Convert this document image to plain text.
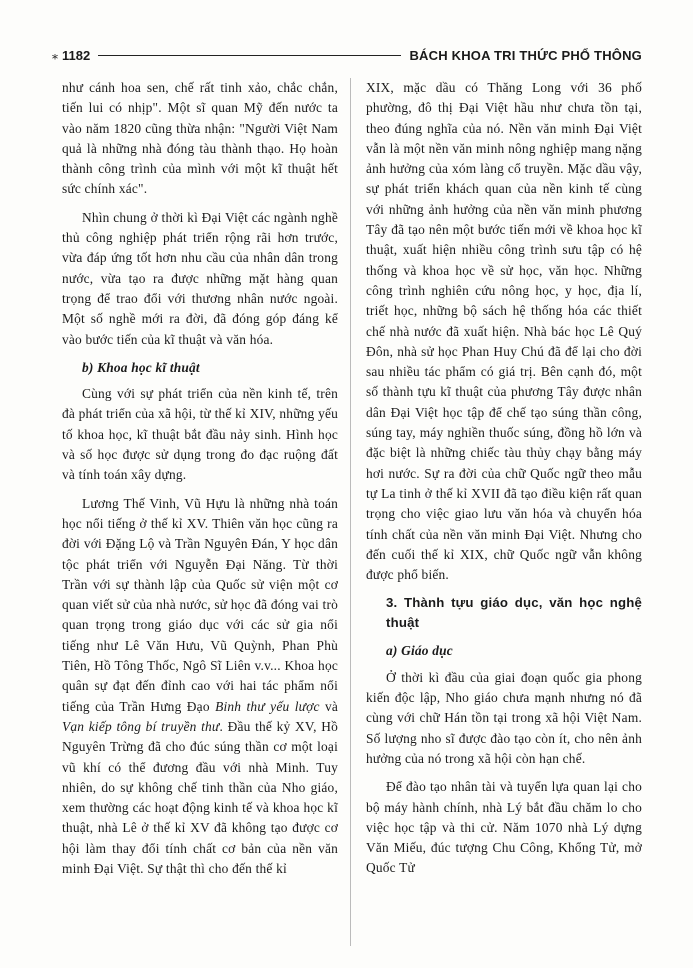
⁎ 1182	BÁCH KHOA TRI THỨC PHỔ THÔNG

như cánh hoa sen, chế rất tinh xảo, chắc chắn, tiến lui có nhịp". Một sĩ quan Mỹ đến nước ta vào năm 1820 cũng thừa nhận: "Người Việt Nam quả là những nhà đóng tàu thành thạo. Họ hoàn thành công trình của mình với một kĩ thuật hết sức chính xác".

Nhìn chung ở thời kì Đại Việt các ngành nghề thủ công nghiệp phát triển rộng rãi hơn trước, vừa đáp ứng tốt hơn nhu cầu của nhân dân trong nước, vừa tạo ra được những mặt hàng quan trọng để trao đổi với thương nhân nước ngoài. Một số nghề mới ra đời, đã đóng góp đáng kể vào bước tiến của kĩ thuật và văn hóa.

b) Khoa học kĩ thuật

Cùng với sự phát triển của nền kinh tế, trên đà phát triển của xã hội, từ thế kỉ XIV, những yếu tố khoa học, kĩ thuật bắt đầu nảy sinh. Hình học và số học được sử dụng trong đo đạc ruộng đất và tính toán xây dựng.

Lương Thế Vinh, Vũ Hựu là những nhà toán học nổi tiếng ở thế kỉ XV. Thiên văn học cũng ra đời với Đặng Lộ và Trần Nguyên Đán, Y học dân tộc phát triển với Nguyễn Đại Năng. Từ thời Trần với sự thành lập của Quốc sử viện một cơ quan viết sử của nhà nước, sử học đã đóng vai trò quan trọng trong giáo dục với các sử gia nổi tiếng như Lê Văn Hưu, Vũ Quỳnh, Phan Phù Tiên, Hồ Tông Thốc, Ngô Sĩ Liên v.v... Khoa học quân sự đạt đến đỉnh cao với hai tác phẩm nổi tiếng của Trần Hưng Đạo Binh thư yếu lược và Vạn kiếp tông bí truyền thư. Đầu thế kỷ XV, Hồ Nguyên Trừng đã cho đúc súng thần cơ một loại vũ khí có thể đương đầu với nhà Minh. Tuy nhiên, do sự không chế tinh thần của Nho giáo, xem thường các hoạt động kinh tế và khoa học kĩ thuật, nhà Lê ở thế kỉ XV đã không tạo được cơ hội làm thay đổi tính chất cơ bản của nền văn minh Đại Việt. Sự thật thì cho đến thế kỉ

XIX, mặc dầu có Thăng Long với 36 phố phường, đô thị Đại Việt hầu như chưa tồn tại, theo đúng nghĩa của nó. Nền văn minh Đại Việt vẫn là một nền văn minh nông nghiệp mang nặng ảnh hưởng của xóm làng cổ truyền. Mặc dầu vậy, sự phát triển khách quan của nền kinh tế cùng với những ảnh hưởng của nền văn minh phương Tây đã tạo nên một bước tiến mới về khoa học kĩ thuật, xuất hiện nhiều công trình sưu tập có hệ thống và khoa học về sử học, văn học. Những công trình nghiên cứu nông học, y học, địa lí, triết học, những bộ sách hệ thống hóa các thiết chế nhà nước đã xuất hiện. Nhà bác học Lê Quý Đôn, nhà sử học Phan Huy Chú đã để lại cho đời sau nhiều tác phẩm có giá trị. Bên cạnh đó, một số thành tựu kĩ thuật của phương Tây được nhân dân Đại Việt học tập để chế tạo súng thần công, súng tay, máy nghiền thuốc súng, đồng hồ lớn và đặc biệt là những chiếc tàu thủy chạy bằng máy hơi nước. Sự ra đời của chữ Quốc ngữ theo mẫu tự La tinh ở thế kỉ XVII đã tạo điều kiện rất quan trọng cho việc giao lưu văn hóa và chuyển hóa tính chất của nền văn minh Đại Việt. Nhưng cho đến cuối thế kỉ XIX, chữ Quốc ngữ vẫn không được phổ biến.

3. Thành tựu giáo dục, văn học nghệ thuật
a) Giáo dục

Ở thời kì đầu của giai đoạn quốc gia phong kiến độc lập, Nho giáo chưa mạnh nhưng nó đã cùng với chữ Hán tồn tại trong xã hội Việt Nam. Số lượng nho sĩ được đào tạo còn ít, cho nên ảnh hưởng của nó trong xã hội còn hạn chế.

Để đào tạo nhân tài và tuyển lựa quan lại cho bộ máy hành chính, nhà Lý bắt đầu chăm lo cho việc học tập và thi cử. Năm 1070 nhà Lý dựng Văn Miếu, đúc tượng Chu Công, Khổng Tử, mở Quốc Tử
